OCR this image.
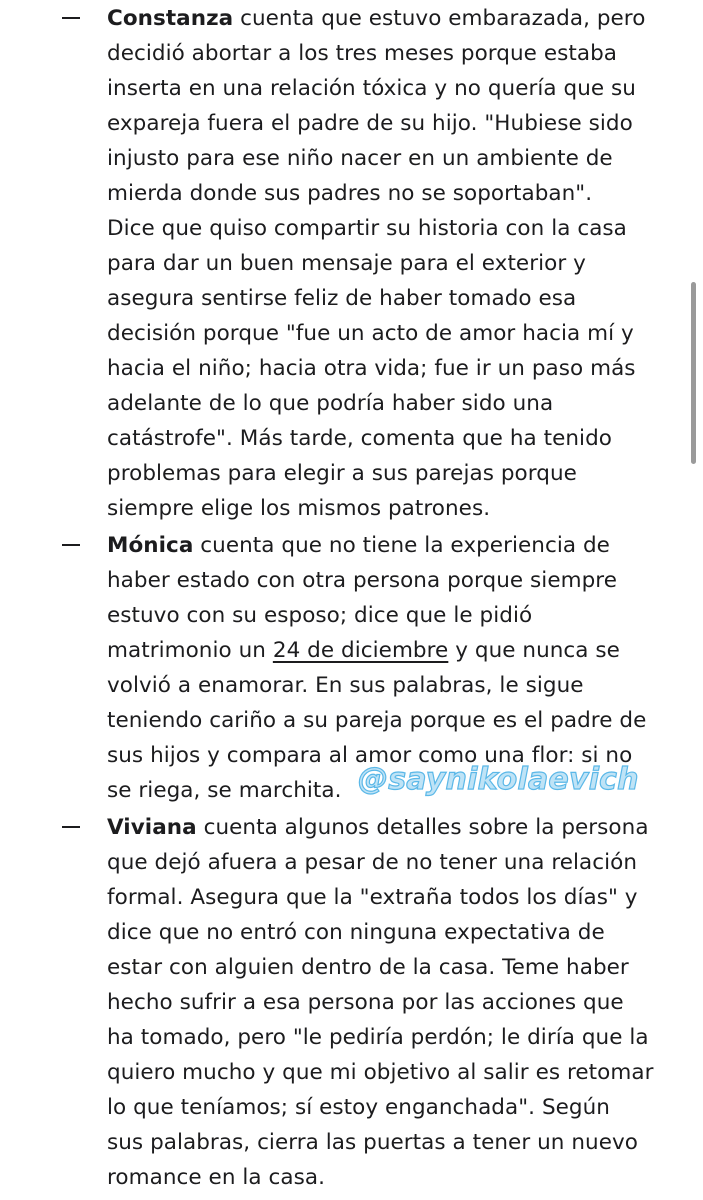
Constanza cuenta que estuvo embarazada, pero
decidió abortar a los tres meses porque estaba
inserta en una relación tóxica y no quería que su
expareja fuera el padre de su hijo. "Hubiese sido
injusto para ese niño nacer en un ambiente de
mierda donde sus padres no se soportaban".
Dice que quiso compartir su historia con la casa
para dar un buen mensaje para el exterior y
asegura sentirse feliz de haber tomado esa
decisión porque "fue un acto de amor hacia mí y
hacia el niño; hacia otra vida; fue ir un paso más
adelante de lo que podría haber sido una
catástrofe". Más tarde, comenta que ha tenido
problemas para elegir a sus parejas porque
siempre elige los mismos patrones.
Mónica cuenta que no tiene la experiencia de
haber estado con otra persona porque siempre
estuvo con su esposo; dice que le pidió
matrimonio un 24 de diciembre y que nunca se
volvió a enamorar. En sus palabras, le sigue
teniendo cariño a su pareja porque es el padre de
sus hijos y compara al amor como una flor: si no
se riega, se marchita.
Viviana cuenta algunos detalles sobre la persona
que dejó afuera a pesar de no tener una relación
formal. Asegura que la "extraña todos los días" y
dice que no entró con ninguna expectativa de
estar con alguien dentro de la casa. Teme haber
hecho sufrir a esa persona por las acciones que
ha tomado, pero "le pediría perdón; le diría que la
quiero mucho y que mi objetivo al salir es retomar
lo que teníamos; sí estoy enganchada". Según
sus palabras, cierra las puertas a tener un nuevo
romance en la casa.
@saynikolaevich
